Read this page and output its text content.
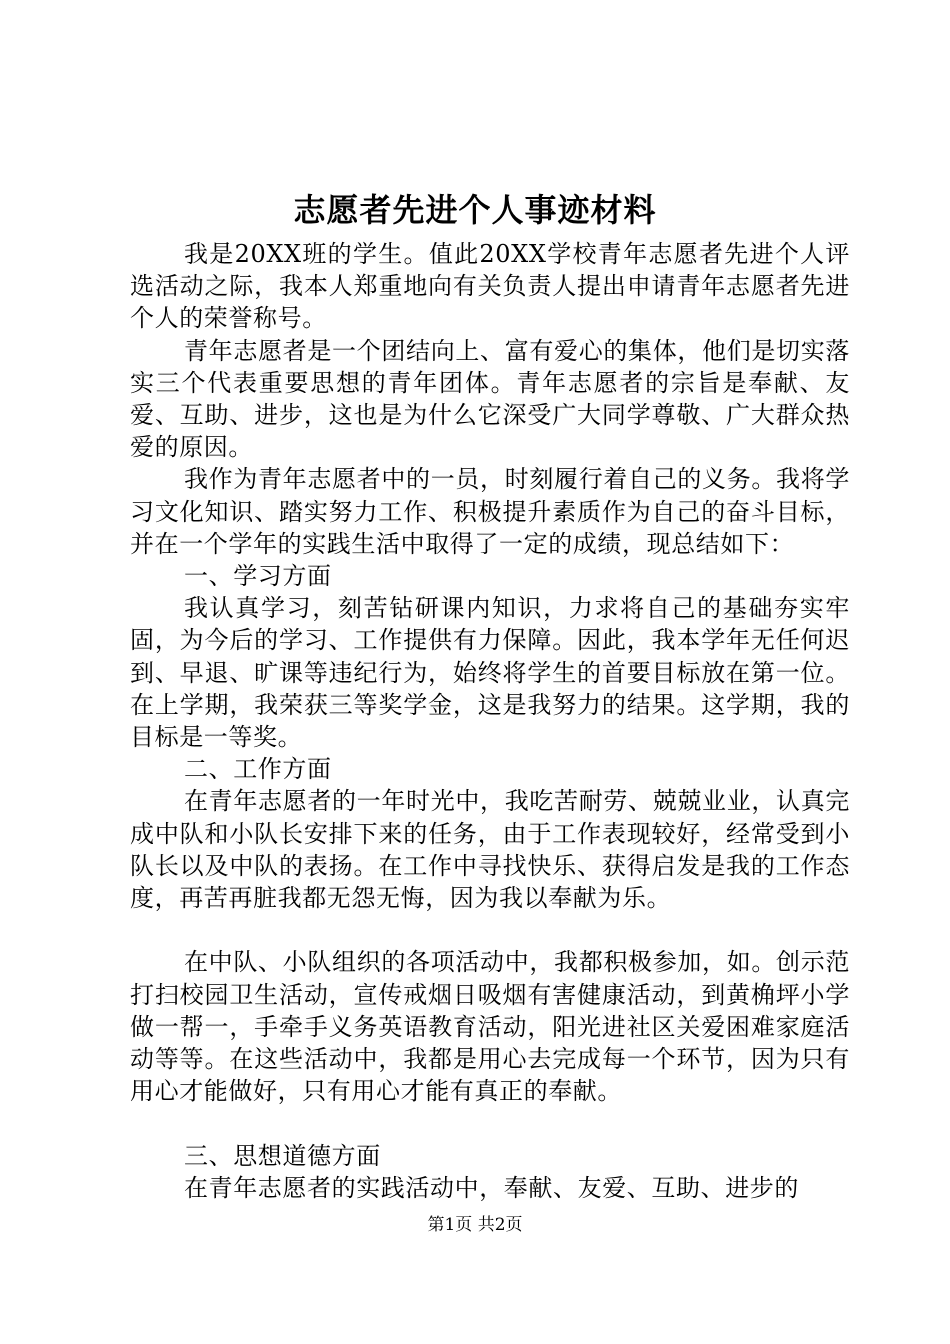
志愿者先进个人事迹材料

我是20XX班的学生。值此20XX学校青年志愿者先进个人评选活动之际，我本人郑重地向有关负责人提出申请青年志愿者先进个人的荣誉称号。

青年志愿者是一个团结向上、富有爱心的集体，他们是切实落实三个代表重要思想的青年团体。青年志愿者的宗旨是奉献、友爱、互助、进步，这也是为什么它深受广大同学尊敬、广大群众热爱的原因。

我作为青年志愿者中的一员，时刻履行着自己的义务。我将学习文化知识、踏实努力工作、积极提升素质作为自己的奋斗目标，并在一个学年的实践生活中取得了一定的成绩，现总结如下：

一、学习方面

我认真学习，刻苦钻研课内知识，力求将自己的基础夯实牢固，为今后的学习、工作提供有力保障。因此，我本学年无任何迟到、早退、旷课等违纪行为，始终将学生的首要目标放在第一位。在上学期，我荣获三等奖学金，这是我努力的结果。这学期，我的目标是一等奖。

二、工作方面

在青年志愿者的一年时光中，我吃苦耐劳、兢兢业业，认真完成中队和小队长安排下来的任务，由于工作表现较好，经常受到小队长以及中队的表扬。在工作中寻找快乐、获得启发是我的工作态度，再苦再脏我都无怨无悔，因为我以奉献为乐。

在中队、小队组织的各项活动中，我都积极参加，如。创示范打扫校园卫生活动，宣传戒烟日吸烟有害健康活动，到黄桷坪小学做一帮一，手牵手义务英语教育活动，阳光进社区关爱困难家庭活动等等。在这些活动中，我都是用心去完成每一个环节，因为只有用心才能做好，只有用心才能有真正的奉献。

三、思想道德方面

在青年志愿者的实践活动中，奉献、友爱、互助、进步的

第1页 共2页
